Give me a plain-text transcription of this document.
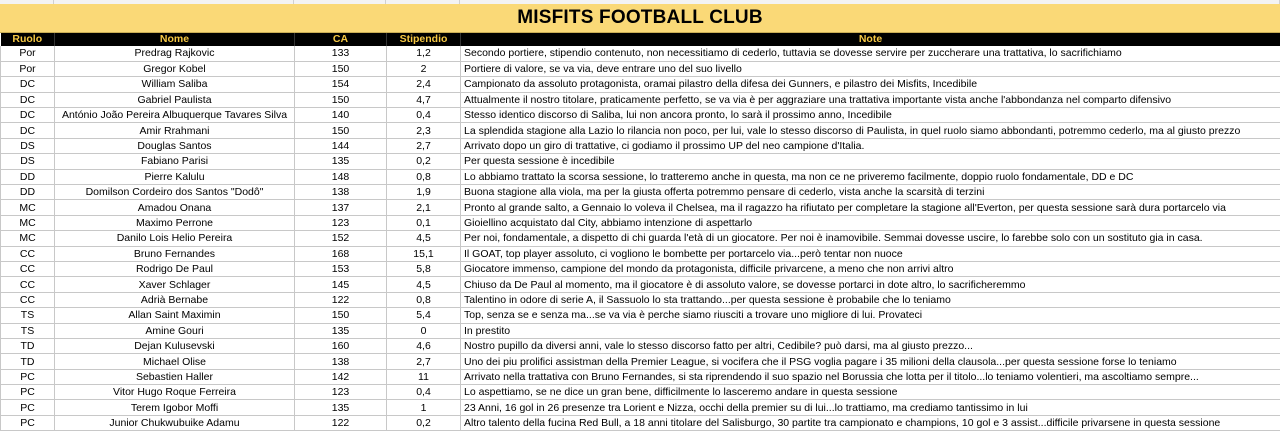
MISFITS FOOTBALL CLUB
Ruolo	Nome	CA	Stipendio	Note
Por	Predrag Rajkovic	133	1,2	Secondo portiere, stipendio contenuto, non necessitiamo di cederlo, tuttavia se dovesse servire per zuccherare una trattativa, lo sacrifichiamo
Por	Gregor Kobel	150	2	Portiere di valore, se va via, deve entrare uno del suo livello
DC	William Saliba	154	2,4	Campionato da assoluto protagonista, oramai pilastro della difesa dei Gunners, e pilastro dei Misfits, Incedibile
DC	Gabriel Paulista	150	4,7	Attualmente il nostro titolare, praticamente perfetto, se va via è per aggraziare una trattativa importante vista anche l'abbondanza nel comparto difensivo
DC	António João Pereira Albuquerque Tavares Silva	140	0,4	Stesso identico discorso di Saliba, lui non ancora pronto, lo sarà il prossimo anno, Incedibile
DC	Amir Rrahmani	150	2,3	La splendida stagione alla Lazio lo rilancia non poco, per lui, vale lo stesso discorso di Paulista, in quel ruolo siamo abbondanti, potremmo cederlo, ma al giusto prezzo
DS	Douglas Santos	144	2,7	Arrivato dopo un giro di trattative, ci godiamo il prossimo UP del neo campione d'Italia.
DS	Fabiano Parisi	135	0,2	Per questa sessione è incedibile
DD	Pierre Kalulu	148	0,8	Lo abbiamo trattato la scorsa sessione, lo tratteremo anche in questa, ma non ce ne priveremo facilmente, doppio ruolo fondamentale, DD e DC
DD	Domilson Cordeiro dos Santos "Dodô"	138	1,9	Buona stagione alla viola, ma per la giusta offerta potremmo pensare di cederlo, vista anche la scarsità di terzini
MC	Amadou Onana	137	2,1	Pronto al grande salto, a Gennaio lo voleva il Chelsea, ma il ragazzo ha rifiutato per completare la stagione all'Everton, per questa sessione sarà dura portarcelo via
MC	Maximo Perrone	123	0,1	Gioiellino acquistato dal City, abbiamo intenzione di aspettarlo
MC	Danilo Lois Helio Pereira	152	4,5	Per noi, fondamentale, a dispetto di chi guarda l'età di un giocatore. Per noi è inamovibile. Semmai dovesse uscire, lo farebbe solo con un sostituto gia in casa.
CC	Bruno Fernandes	168	15,1	Il GOAT, top player assoluto, ci vogliono le bombette per portarcelo via...però tentar non nuoce
CC	Rodrigo De Paul	153	5,8	Giocatore immenso, campione del mondo da protagonista, difficile privarcene, a meno che non arrivi altro
CC	Xaver Schlager	145	4,5	Chiuso da De Paul al momento, ma il giocatore è di assoluto valore, se dovesse portarci in dote altro, lo sacrificheremmo
CC	Adrià Bernabe	122	0,8	Talentino in odore di serie A, il Sassuolo lo sta trattando...per questa sessione è probabile che lo teniamo
TS	Allan Saint Maximin	150	5,4	Top, senza se e senza ma...se va via è perche siamo riusciti a trovare uno migliore di lui. Provateci
TS	Amine Gouri	135	0	In prestito
TD	Dejan Kulusevski	160	4,6	Nostro pupillo da diversi anni, vale lo stesso discorso fatto per altri, Cedibile? può darsi, ma al giusto prezzo...
TD	Michael Olise	138	2,7	Uno dei piu prolifici assistman della Premier League, si vocifera che il PSG voglia pagare i 35 milioni della clausola...per questa sessione forse lo teniamo
PC	Sebastien Haller	142	11	Arrivato nella trattativa con Bruno Fernandes, si sta riprendendo il suo spazio nel Borussia che lotta per il titolo...lo teniamo volentieri, ma ascoltiamo sempre...
PC	Vitor Hugo Roque Ferreira	123	0,4	Lo aspettiamo, se ne dice un gran bene, difficilmente lo lasceremo andare in questa sessione
PC	Terem Igobor Moffi	135	1	23 Anni, 16 gol in 26 presenze tra Lorient e Nizza, occhi della premier su di lui...lo trattiamo, ma crediamo tantissimo in lui
PC	Junior Chukwubuike Adamu	122	0,2	Altro talento della fucina Red Bull, a 18 anni titolare del Salisburgo, 30 partite tra campionato e champions, 10 gol e 3 assist...difficile privarsene in questa sessione
